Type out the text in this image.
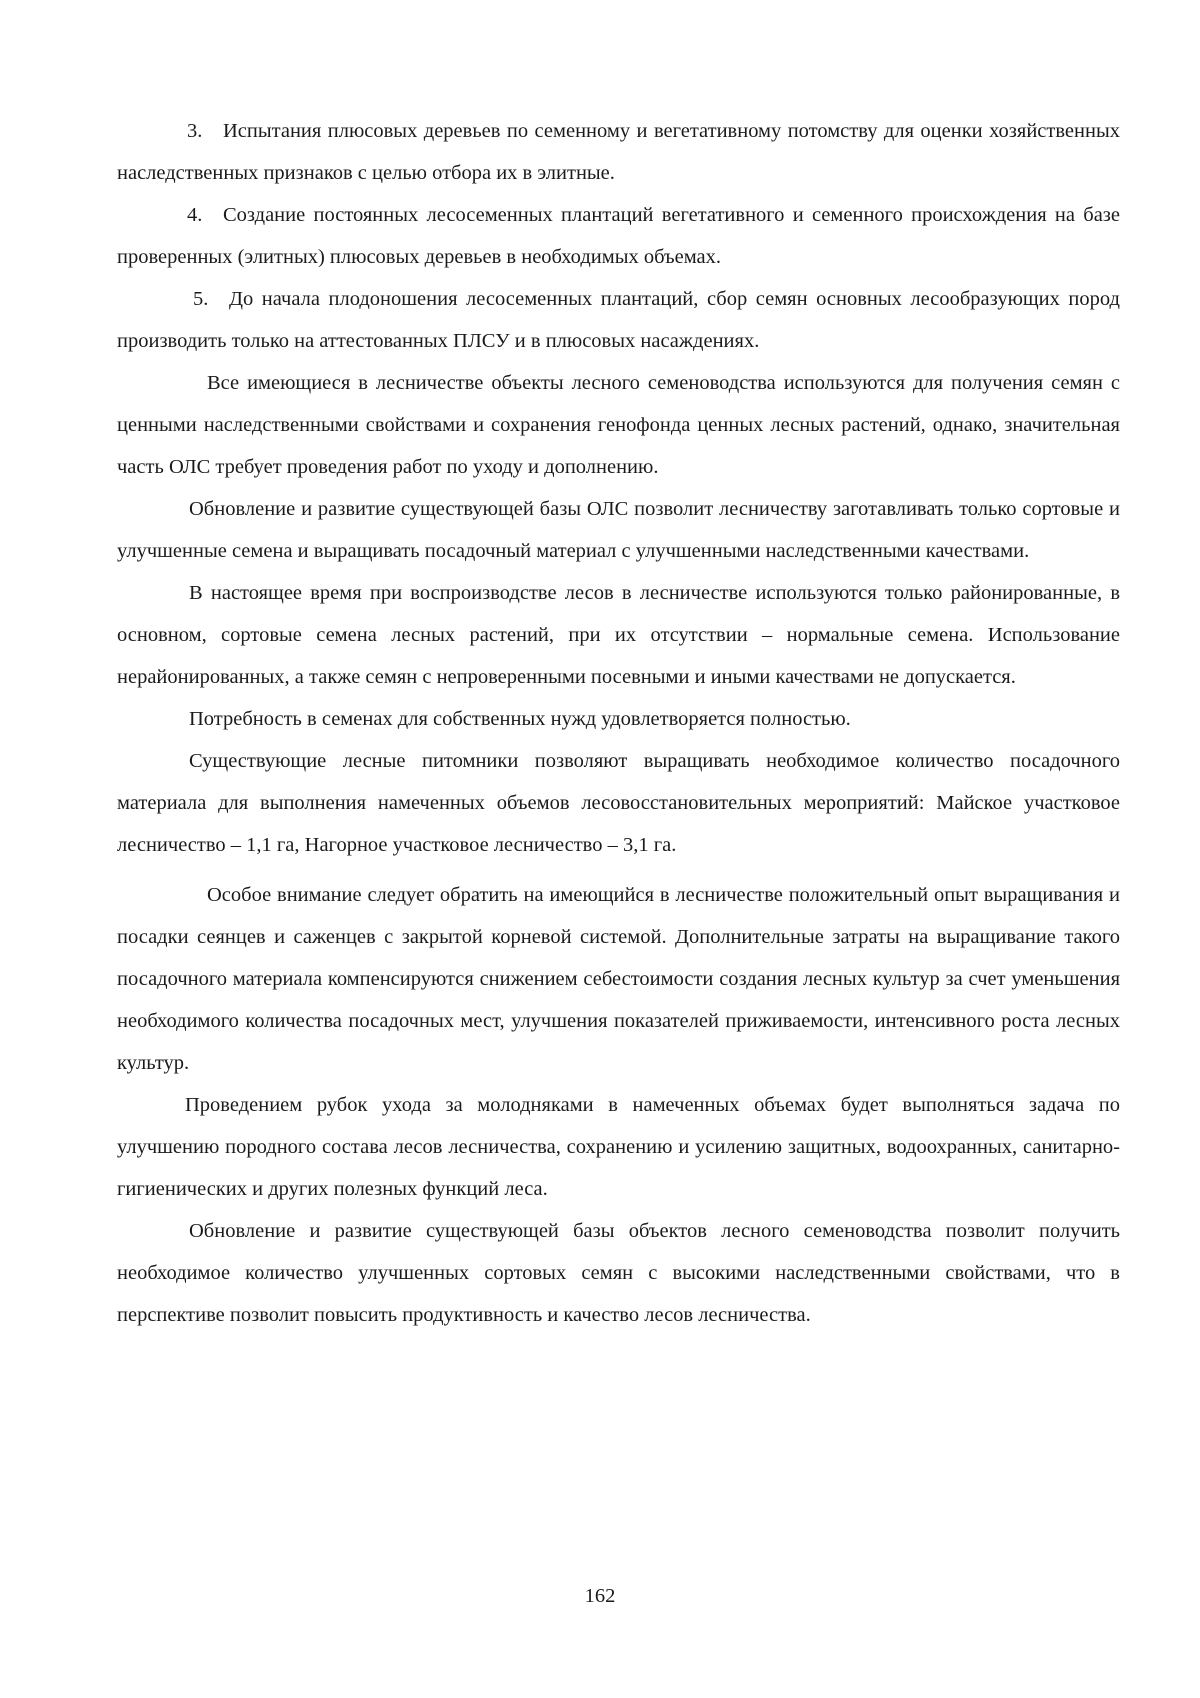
3. Испытания плюсовых деревьев по семенному и вегетативному потомству для оценки хозяйственных наследственных признаков с целью отбора их в элитные.

4. Создание постоянных лесосеменных плантаций вегетативного и семенного происхождения на базе проверенных (элитных) плюсовых деревьев в необходимых объемах.

5. До начала плодоношения лесосеменных плантаций, сбор семян основных лесообразующих пород производить только на аттестованных ПЛСУ и в плюсовых насаждениях.

Все имеющиеся в лесничестве объекты лесного семеноводства используются для получения семян с ценными наследственными свойствами и сохранения генофонда ценных лесных растений, однако, значительная часть ОЛС требует проведения работ по уходу и дополнению.

Обновление и развитие существующей базы ОЛС позволит лесничеству заготавливать только сортовые и улучшенные семена и выращивать посадочный материал с улучшенными наследственными качествами.

В настоящее время при воспроизводстве лесов в лесничестве используются только районированные, в основном, сортовые семена лесных растений, при их отсутствии – нормальные семена. Использование нерайонированных, а также семян с непроверенными посевными и иными качествами не допускается.

Потребность в семенах для собственных нужд удовлетворяется полностью.

Существующие лесные питомники позволяют выращивать необходимое количество посадочного материала для выполнения намеченных объемов лесовосстановительных мероприятий: Майское участковое лесничество – 1,1 га, Нагорное участковое лесничество – 3,1 га.

Особое внимание следует обратить на имеющийся в лесничестве положительный опыт выращивания и посадки сеянцев и саженцев с закрытой корневой системой. Дополнительные затраты на выращивание такого посадочного материала компенсируются снижением себестоимости создания лесных культур за счет уменьшения необходимого количества посадочных мест, улучшения показателей приживаемости, интенсивного роста лесных культур.

Проведением рубок ухода за молодняками в намеченных объемах будет выполняться задача по улучшению породного состава лесов лесничества, сохранению и усилению защитных, водоохранных, санитарно-гигиенических и других полезных функций леса.

Обновление и развитие существующей базы объектов лесного семеноводства позволит получить необходимое количество улучшенных сортовых семян с высокими наследственными свойствами, что в перспективе позволит повысить продуктивность и качество лесов лесничества.

162
